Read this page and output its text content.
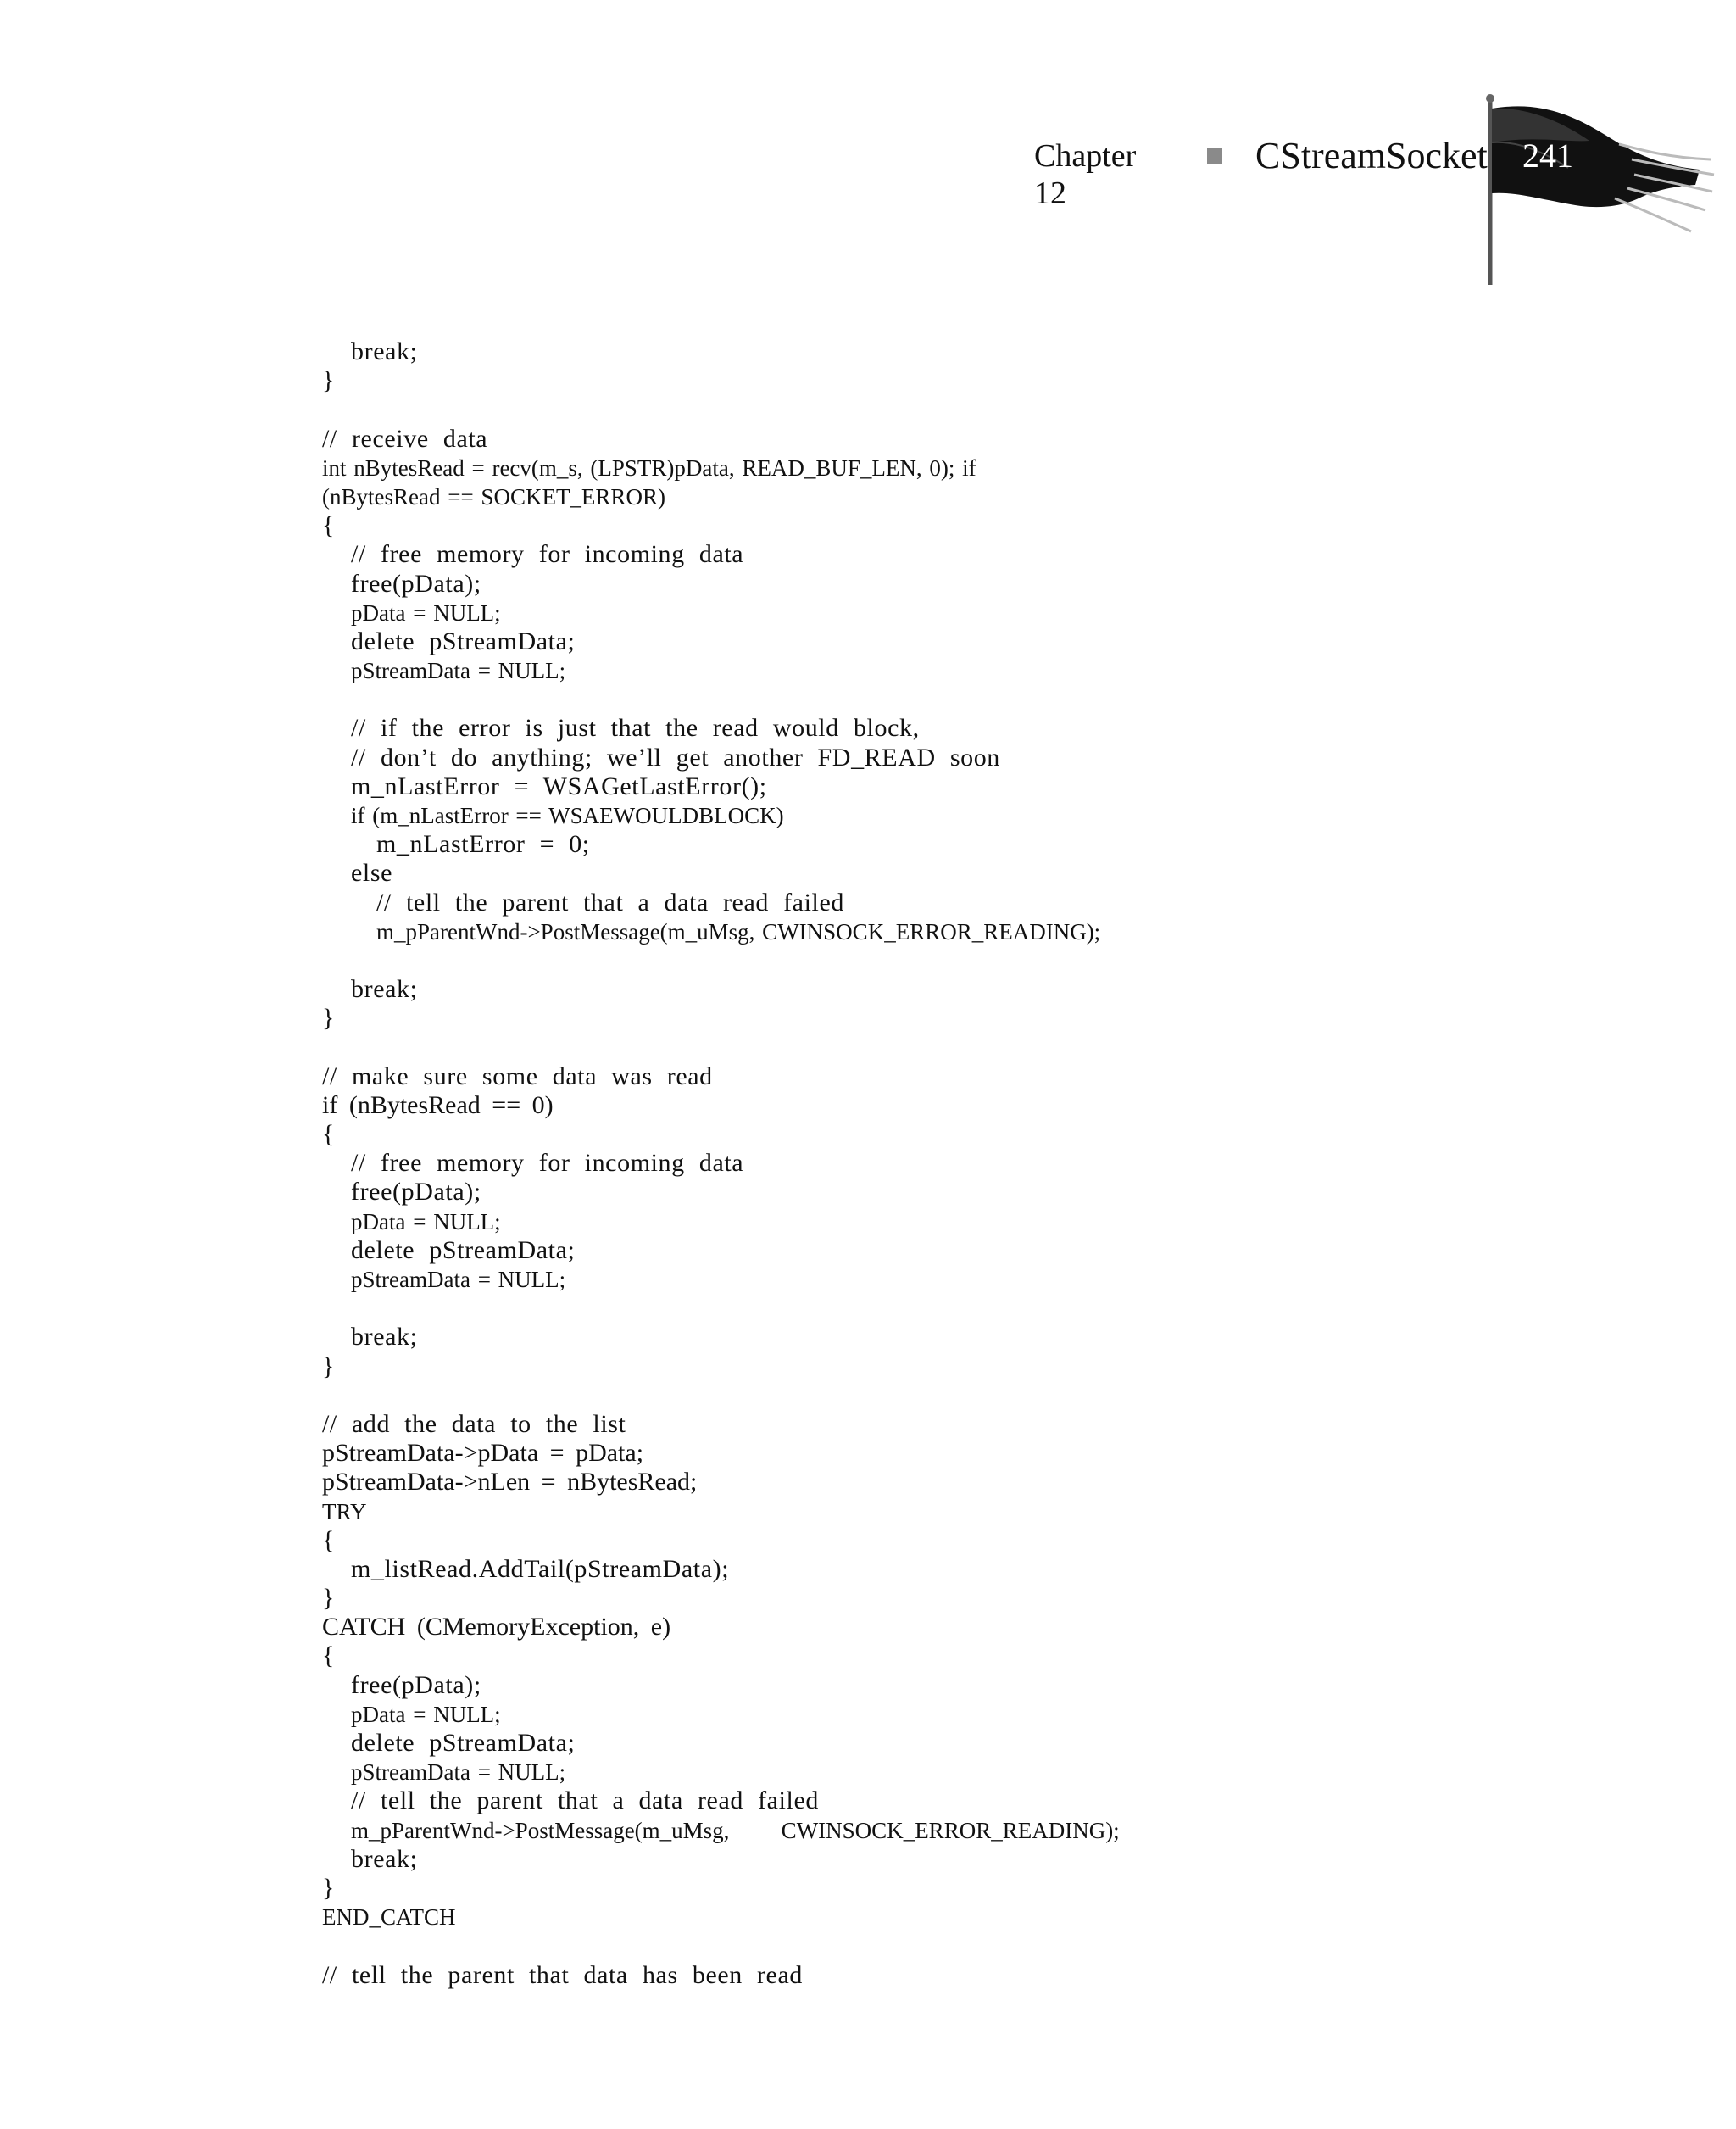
Chapter
12
CStreamSocket 241
break;
}
// receive data
int nBytesRead = recv(m_s, (LPSTR)pData, READ_BUF_LEN, 0); if
(nBytesRead == SOCKET_ERROR)
{
// free memory for incoming data
free(pData);
pData = NULL;
delete pStreamData;
pStreamData = NULL;
// if the error is just that the read would block,
// don’t do anything; we’ll get another FD_READ soon
m_nLastError = WSAGetLastError();
if (m_nLastError == WSAEWOULDBLOCK)
m_nLastError = 0;
else
// tell the parent that a data read failed
m_pParentWnd->PostMessage(m_uMsg, CWINSOCK_ERROR_READING);
break;
}
// make sure some data was read
if (nBytesRead == 0)
{
// free memory for incoming data
free(pData);
pData = NULL;
delete pStreamData;
pStreamData = NULL;
break;
}
// add the data to the list
pStreamData->pData = pData;
pStreamData->nLen = nBytesRead;
TRY
{
m_listRead.AddTail(pStreamData);
}
CATCH (CMemoryException, e)
{
free(pData);
pData = NULL;
delete pStreamData;
pStreamData = NULL;
// tell the parent that a data read failed
m_pParentWnd->PostMessage(m_uMsg,       CWINSOCK_ERROR_READING);
break;
}
END_CATCH
// tell the parent that data has been read
